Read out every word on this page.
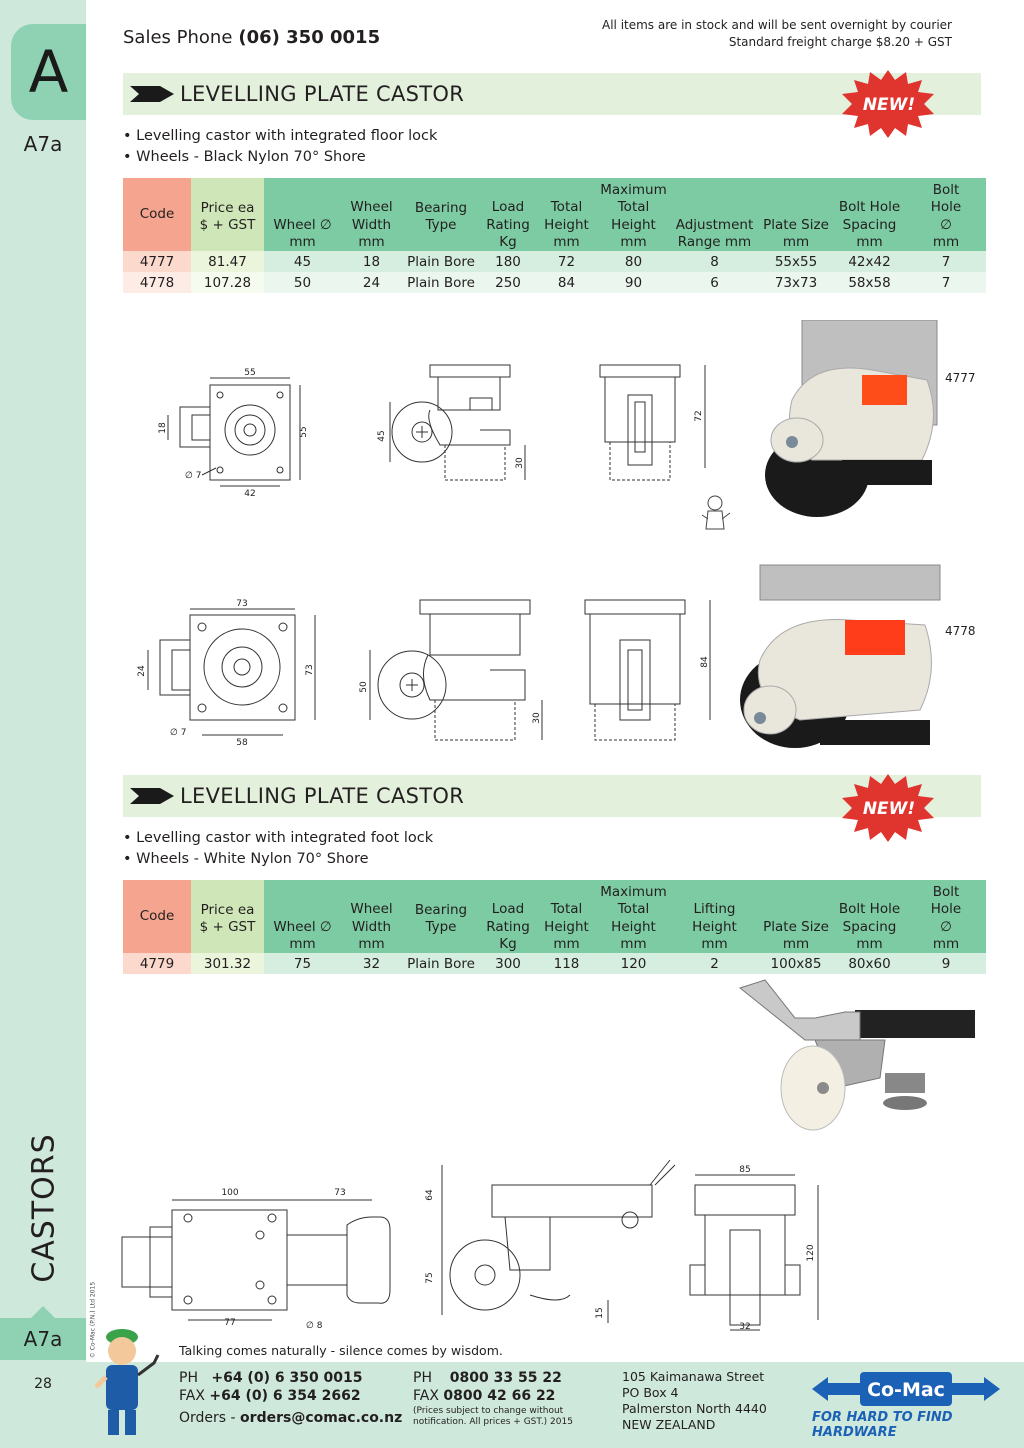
A
A7a
CASTORS
© Co-Mac (P.N.) Ltd 2015
A7a
28
Sales Phone (06) 350 0015
All items are in stock and will be sent overnight by courier
Standard freight charge $8.20 + GST
LEVELLING PLATE CASTOR	NEW!
• Levelling castor with integrated floor lock
• Wheels - Black Nylon 70° Shore
Code	Price ea $ + GST	Wheel ∅ mm	Wheel Width mm	Bearing Type	Load Rating Kg	Total Height mm	Maximum Total Height mm	Adjustment Range mm	Plate Size mm	Bolt Hole Spacing mm	Bolt Hole ∅ mm

4777	81.47	45	18	Plain Bore	180	72	80	8	55x55	42x42	7
4778	107.28	50	24	Plain Bore	250	84	90	6	73x73	58x58	7
55
55
42
18
∅ 7
45
30
72
4777
73
73
58
24
∅ 7
50
30
84
4778
LEVELLING PLATE CASTOR
NEW!
• Levelling castor with integrated foot lock
• Wheels - White Nylon 70° Shore
Code	Price ea $ + GST	Wheel ∅ mm	Wheel Width mm	Bearing Type	Load Rating Kg	Total Height mm	Maximum Total Height mm	Lifting Height mm	Plate Size mm	Bolt Hole Spacing mm	Bolt Hole ∅ mm

4779	301.32	75	32	Plain Bore	300	118	120	2	100x85	80x60	9
100	73
77	∅ 8
64
75
15
85
120
32
Talking comes naturally - silence comes by wisdom.
PH +64 (0) 6 350 0015
FAX +64 (0) 6 354 2662
Orders - orders@comac.co.nz
PH 0800 33 55 22
FAX 0800 42 66 22
(Prices subject to change without
notification. All prices + GST.) 2015
105 Kaimanawa Street
PO Box 4
Palmerston North 4440
NEW ZEALAND
Co-Mac
FOR HARD TO FIND HARDWARE
